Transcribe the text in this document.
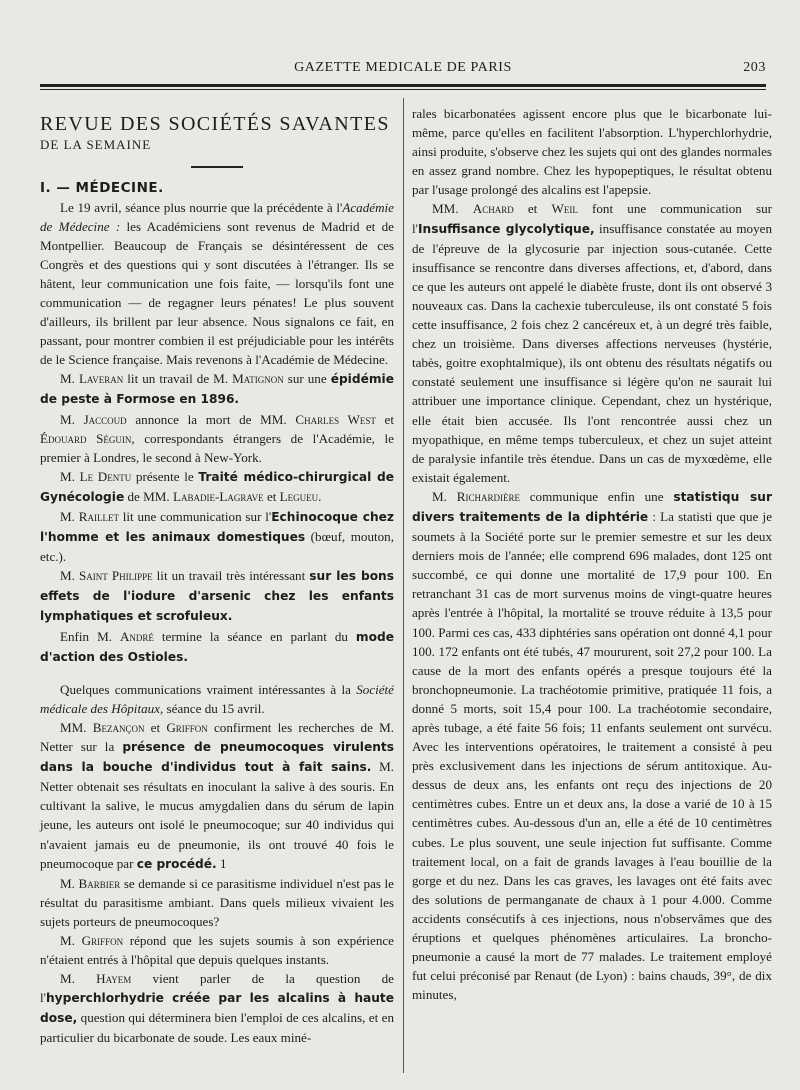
GAZETTE MEDICALE DE PARIS	203

REVUE DES SOCIÉTÉS SAVANTES

DE LA SEMAINE

I. — MÉDECINE.

Le 19 avril, séance plus nourrie que la précédente à l'Académie de Médecine : les Académiciens sont revenus de Madrid et de Montpellier. Beaucoup de Français se désintéressent de ces Congrès et des questions qui y sont discutées à l'étranger. Ils se hâtent, leur communication une fois faite, — lorsqu'ils font une communication — de regagner leurs pénates! Le plus souvent d'ailleurs, ils brillent par leur absence. Nous signalons ce fait, en passant, pour montrer combien il est préjudiciable pour les intérêts de le Science française. Mais revenons à l'Académie de Médecine.

M. Laveran lit un travail de M. Matignon sur une épidémie de peste à Formose en 1896.

M. Jaccoud annonce la mort de MM. Charles West et Édouard Séguin, correspondants étrangers de l'Académie, le premier à Londres, le second à New-York.

M. Le Dentu présente le Traité médico-chirurgical de Gynécologie de MM. Labadie-Lagrave et Legueu.

M. Raillet lit une communication sur l'Echinocoque chez l'homme et les animaux domestiques (bœuf, mouton, etc.).

M. Saint Philippe lit un travail très intéressant sur les bons effets de l'iodure d'arsenic chez les enfants lymphatiques et scrofuleux.

Enfin M. André termine la séance en parlant du mode d'action des Ostioles.

Quelques communications vraiment intéressantes à la Société médicale des Hôpitaux, séance du 15 avril.

MM. Bezançon et Griffon confirment les recherches de M. Netter sur la présence de pneumocoques virulents dans la bouche d'individus tout à fait sains. M. Netter obtenait ses résultats en inoculant la salive à des souris. En cultivant la salive, le mucus amygdalien dans du sérum de lapin jeune, les auteurs ont isolé le pneumocoque; sur 40 individus qui n'avaient jamais eu de pneumonie, ils ont trouvé 40 fois le pneumocoque par ce procédé. 1

M. Barbier se demande si ce parasitisme individuel n'est pas le résultat du parasitisme ambiant. Dans quels milieux vivaient les sujets porteurs de pneumocoques?

M. Griffon répond que les sujets soumis à son expérience n'étaient entrés à l'hôpital que depuis quelques instants.

M. Hayem vient parler de la question de l'hyperchlorhydrie créée par les alcalins à haute dose, question qui déterminera bien l'emploi de ces alcalins, et en particulier du bicarbonate de soude. Les eaux miné-

rales bicarbonatées agissent encore plus que le bicarbonate lui-même, parce qu'elles en facilitent l'absorption. L'hyperchlorhydrie, ainsi produite, s'observe chez les sujets qui ont des glandes normales en assez grand nombre. Chez les hypopeptiques, le résultat obtenu par l'usage prolongé des alcalins est l'apepsie.

MM. Achard et Weil font une communication sur l'Insuffisance glycolytique, insuffisance constatée au moyen de l'épreuve de la glycosurie par injection sous-cutanée. Cette insuffisance se rencontre dans diverses affections, et, d'abord, dans ce que les auteurs ont appelé le diabète fruste, dont ils ont observé 3 nouveaux cas. Dans la cachexie tuberculeuse, ils ont constaté 5 fois cette insuffisance, 2 fois chez 2 cancéreux et, à un degré très faible, chez un troisième. Dans diverses affections nerveuses (hystérie, tabès, goitre exophtalmique), ils ont obtenu des résultats négatifs ou constaté seulement une insuffisance si légère qu'on ne saurait lui attribuer une importance clinique. Cependant, chez un hystérique, elle était bien accusée. Ils l'ont rencontrée aussi chez un myopathique, en même temps tuberculeux, et chez un sujet atteint de paralysie infantile très étendue. Dans un cas de myxœdème, elle existait également.

M. Richardière communique enfin une statistiqu sur divers traitements de la diphtérie : La statisti que que je soumets à la Société porte sur le premier semestre et sur les deux derniers mois de l'année; elle comprend 696 malades, dont 125 ont succombé, ce qui donne une mortalité de 17,9 pour 100. En retranchant 31 cas de mort survenus moins de vingt-quatre heures après l'entrée à l'hôpital, la mortalité se trouve réduite à 13,5 pour 100. Parmi ces cas, 433 diphtéries sans opération ont donné 4,1 pour 100. 172 enfants ont été tubés, 47 moururent, soit 27,2 pour 100. La cause de la mort des enfants opérés a presque toujours été la bronchopneumonie. La trachéotomie primitive, pratiquée 11 fois, a donné 5 morts, soit 15,4 pour 100. La trachéotomie secondaire, après tubage, a été faite 56 fois; 11 enfants seulement ont survécu. Avec les interventions opératoires, le traitement a consisté à peu près exclusivement dans les injections de sérum antitoxique. Au-dessus de deux ans, les enfants ont reçu des injections de 20 centimètres cubes. Entre un et deux ans, la dose a varié de 10 à 15 centimètres cubes. Au-dessous d'un an, elle a été de 10 centimètres cubes. Le plus souvent, une seule injection fut suffisante. Comme traitement local, on a fait de grands lavages à l'eau bouillie de la gorge et du nez. Dans les cas graves, les lavages ont été faits avec des solutions de permanganate de chaux à 1 pour 4.000. Comme accidents consécutifs à ces injections, nous n'observâmes que des éruptions et quelques phénomènes articulaires. La broncho-pneumonie a causé la mort de 77 malades. Le traitement employé fut celui préconisé par Renaut (de Lyon) : bains chauds, 39°, de dix minutes,
